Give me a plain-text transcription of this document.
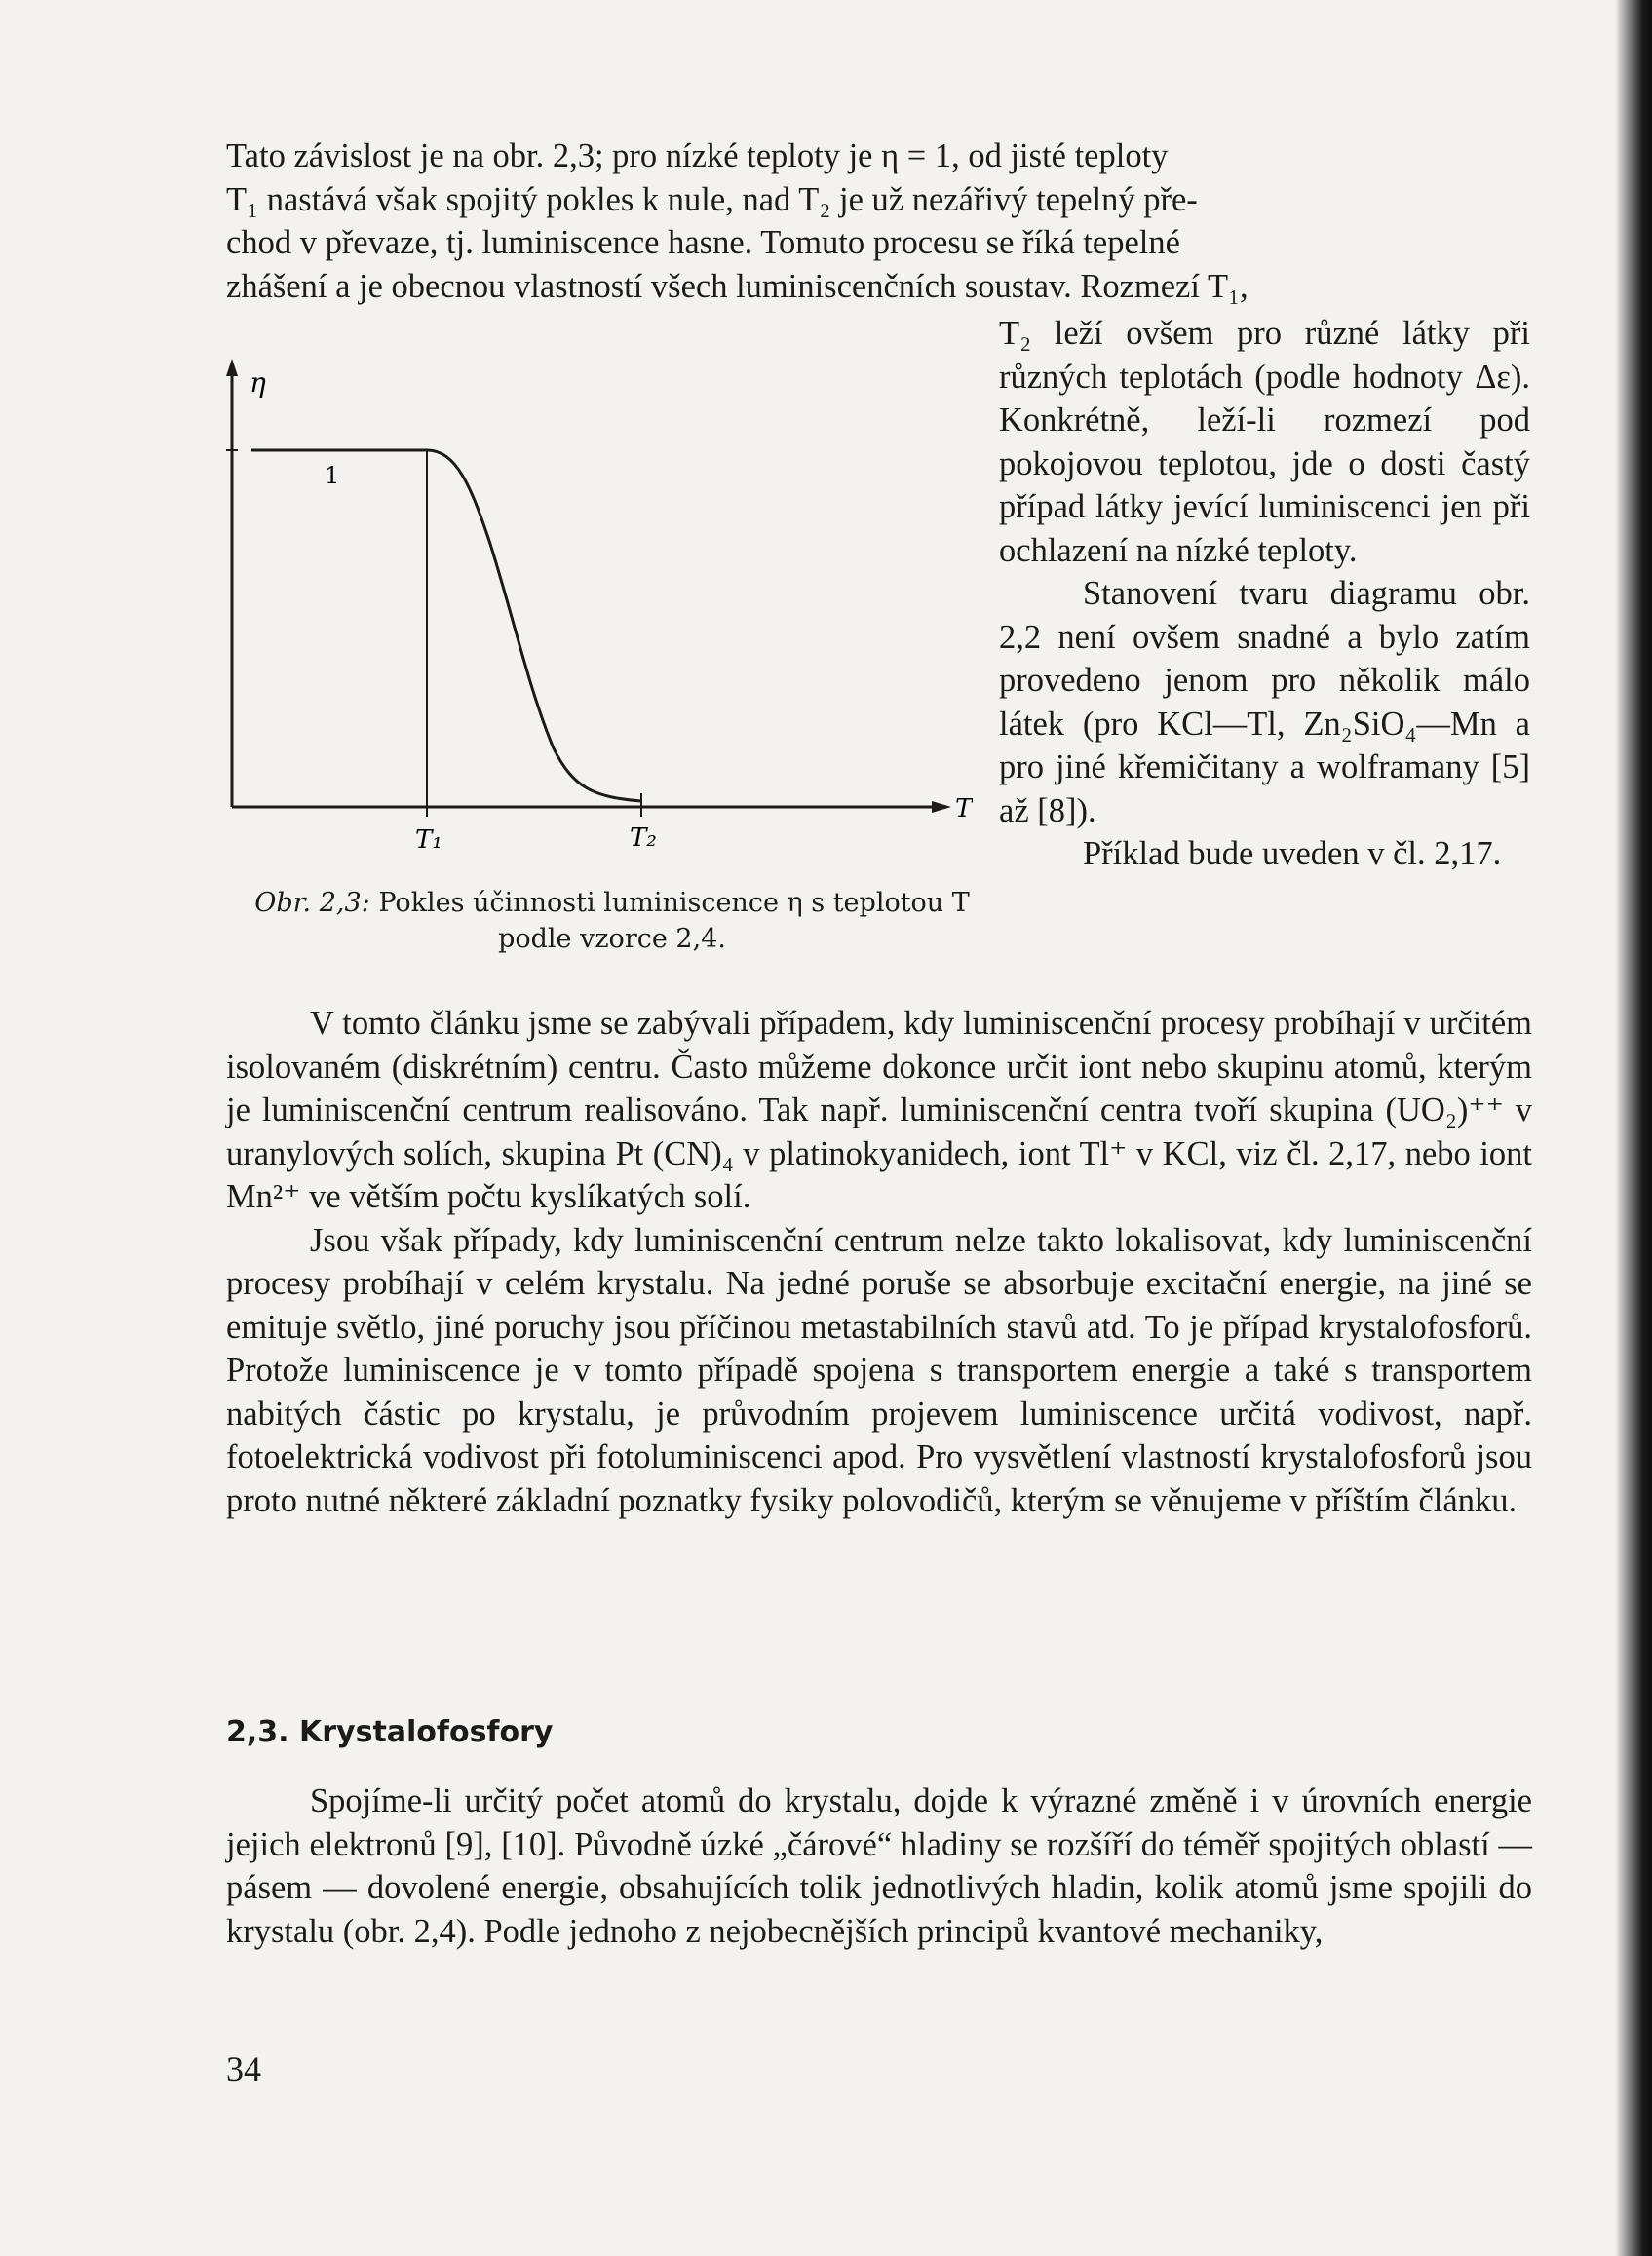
Tato závislost je na obr. 2,3; pro nízké teploty je η = 1, od jisté teploty

T₁ nastává však spojitý pokles k nule, nad T₂ je už nezářivý tepelný pře-

chod v převaze, tj. luminiscence hasne. Tomuto procesu se říká tepelné

zhášení a je obecnou vlastností všech luminiscenčních soustav. Rozmezí T₁,

η
1
T
T₁	T₂
Obr. 2,3: Pokles účinnosti luminiscence η s teplotou T podle vzorce 2,4.

T₂ leží ovšem pro různé látky při různých teplotách (podle hodnoty Δε). Konkrétně, leží-li rozmezí pod pokojovou teplotou, jde o dosti častý případ látky jevící luminiscenci jen při ochlazení na nízké teploty.

Stanovení tvaru diagramu obr. 2,2 není ovšem snadné a bylo zatím provedeno jenom pro několik málo látek (pro KCl—Tl, Zn₂SiO₄—Mn a pro jiné křemičitany a wolframany [5] až [8]).

Příklad bude uveden v čl. 2,17.

V tomto článku jsme se zabývali případem, kdy luminiscenční procesy probíhají v určitém isolovaném (diskrétním) centru. Často můžeme dokonce určit iont nebo skupinu atomů, kterým je luminiscenční centrum realisováno. Tak např. luminiscenční centra tvoří skupina (UO₂)⁺⁺ v uranylových solích, skupina Pt (CN)₄ v platinokyanidech, iont Tl⁺ v KCl, viz čl. 2,17, nebo iont Mn²⁺ ve větším počtu kyslíkatých solí.

Jsou však případy, kdy luminiscenční centrum nelze takto lokalisovat, kdy luminiscenční procesy probíhají v celém krystalu. Na jedné poruše se absorbuje excitační energie, na jiné se emituje světlo, jiné poruchy jsou příčinou metastabilních stavů atd. To je případ krystalofosforů. Protože luminiscence je v tomto případě spojena s transportem energie a také s transportem nabitých částic po krystalu, je průvodním projevem luminiscence určitá vodivost, např. fotoelektrická vodivost při fotoluminiscenci apod. Pro vysvětlení vlastností krystalofosforů jsou proto nutné některé základní poznatky fysiky polovodičů, kterým se věnujeme v příštím článku.

2,3. Krystalofosfory

Spojíme-li určitý počet atomů do krystalu, dojde k výrazné změně i v úrovních energie jejich elektronů [9], [10]. Původně úzké „čárové“ hladiny se rozšíří do téměř spojitých oblastí — pásem — dovolené energie, obsahujících tolik jednotlivých hladin, kolik atomů jsme spojili do krystalu (obr. 2,4). Podle jednoho z nejobecnějších principů kvantové mechaniky,

34
